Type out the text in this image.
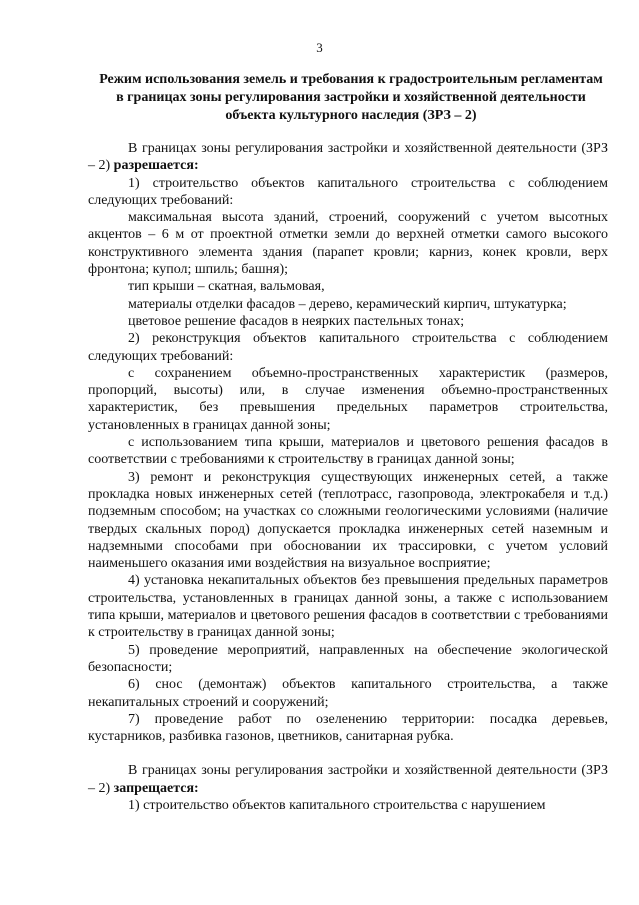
3
Режим использования земель и требования к градостроительным регламентам в границах зоны регулирования застройки и хозяйственной деятельности объекта культурного наследия (ЗРЗ – 2)

В границах зоны регулирования застройки и хозяйственной деятельности (ЗРЗ – 2) разрешается:

1) строительство объектов капитального строительства с соблюдением следующих требований:

максимальная высота зданий, строений, сооружений с учетом высотных акцентов – 6 м от проектной отметки земли до верхней отметки самого высокого конструктивного элемента здания (парапет кровли; карниз, конек кровли, верх фронтона; купол; шпиль; башня);

тип крыши – скатная, вальмовая,

материалы отделки фасадов – дерево, керамический кирпич, штукатурка;

цветовое решение фасадов в неярких пастельных тонах;

2) реконструкция объектов капитального строительства с соблюдением следующих требований:

с сохранением объемно-пространственных характеристик (размеров, пропорций, высоты) или, в случае изменения объемно-пространственных характеристик, без превышения предельных параметров строительства, установленных в границах данной зоны;

с использованием типа крыши, материалов и цветового решения фасадов в соответствии с требованиями к строительству в границах данной зоны;

3) ремонт и реконструкция существующих инженерных сетей, а также прокладка новых инженерных сетей (теплотрасс, газопровода, электрокабеля и т.д.) подземным способом; на участках со сложными геологическими условиями (наличие твердых скальных пород) допускается прокладка инженерных сетей наземным и надземными способами при обосновании их трассировки, с учетом условий наименьшего оказания ими воздействия на визуальное восприятие;

4) установка некапитальных объектов без превышения предельных параметров строительства, установленных в границах данной зоны, а также с использованием типа крыши, материалов и цветового решения фасадов в соответствии с требованиями к строительству в границах данной зоны;

5) проведение мероприятий, направленных на обеспечение экологической безопасности;

6) снос (демонтаж) объектов капитального строительства, а также некапитальных строений и сооружений;

7) проведение работ по озеленению территории: посадка деревьев, кустарников, разбивка газонов, цветников, санитарная рубка.

В границах зоны регулирования застройки и хозяйственной деятельности (ЗРЗ – 2) запрещается:

1) строительство объектов капитального строительства с нарушением
